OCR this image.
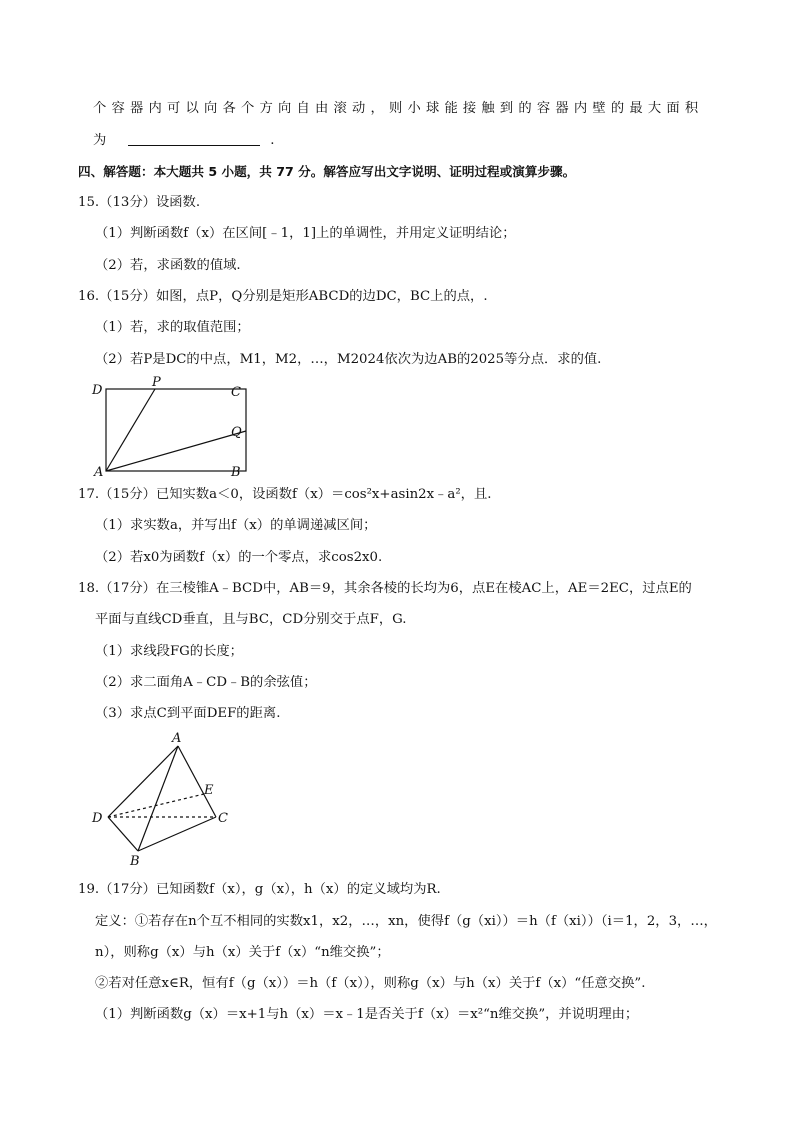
个容器内可以向各个方向自由滚动，则小球能接触到的容器内壁的最大面积
为	.
四、解答题：本大题共 5 小题，共 77 分。解答应写出文字说明、证明过程或演算步骤。
15.（13分）设函数.
（1）判断函数f（x）在区间[﹣1，1]上的单调性，并用定义证明结论；
（2）若，求函数的值域.
16.（15分）如图，点P，Q分别是矩形ABCD的边DC，BC上的点，.
（1）若，求的取值范围；
（2）若P是DC的中点，M1，M2，…，M2024依次为边AB的2025等分点．求的值.
D
P
C
Q
A	B
17.（15分）已知实数a＜0，设函数f（x）＝cos²x+asin2x﹣a²，且.
（1）求实数a，并写出f（x）的单调递减区间；
（2）若x0为函数f（x）的一个零点，求cos2x0.
18.（17分）在三棱锥A﹣BCD中，AB＝9，其余各棱的长均为6，点E在棱AC上，AE＝2EC，过点E的
平面与直线CD垂直，且与BC，CD分别交于点F，G.
（1）求线段FG的长度；
（2）求二面角A﹣CD﹣B的余弦值；
（3）求点C到平面DEF的距离.
A
E
D	C
B
19.（17分）已知函数f（x），g（x），h（x）的定义域均为R.
定义：①若存在n个互不相同的实数x1，x2，…，xn，使得f（g（xi））＝h（f（xi））（i＝1，2，3，…，
n），则称g（x）与h（x）关于f（x）“n维交换”；
②若对任意x∈R，恒有f（g（x））＝h（f（x）），则称g（x）与h（x）关于f（x）“任意交换”.
（1）判断函数g（x）＝x+1与h（x）＝x﹣1是否关于f（x）＝x²“n维交换”，并说明理由；
